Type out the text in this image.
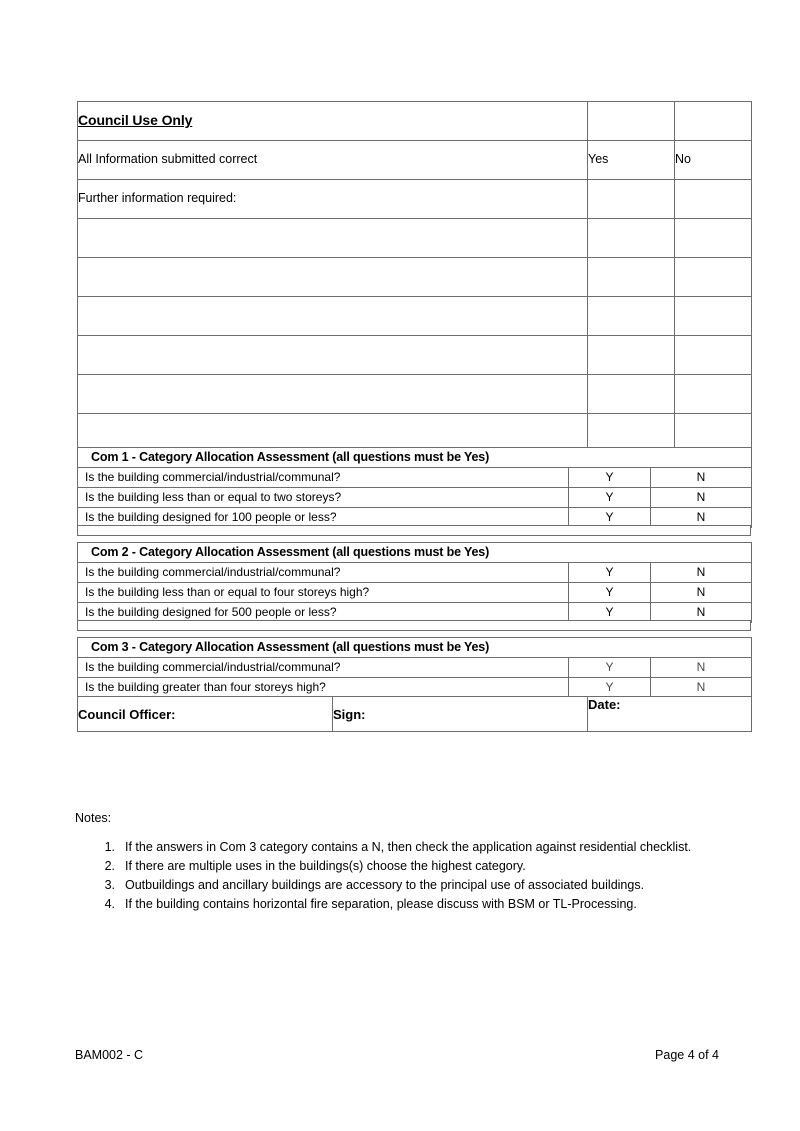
Council Use Only		
All Information submitted correct	Yes	No
Further information required:		

Com 1 - Category Allocation Assessment (all questions must be Yes)		
Is the building commercial/industrial/communal?	Y	N
Is the building less than or equal to two storeys?	Y	N
Is the building designed for 100 people or less?	Y	N
Com 2 - Category Allocation Assessment (all questions must be Yes)		
Is the building commercial/industrial/communal?	Y	N
Is the building less than or equal to four storeys high?	Y	N
Is the building designed for 500 people or less?	Y	N
Com 3 - Category Allocation Assessment (all questions must be Yes)		
Is the building commercial/industrial/communal?	Y	N
Is the building greater than four storeys high?	Y	N
Council Officer:	Sign:	Date:
Notes:
1. If the answers in Com 3 category contains a N, then check the application against residential checklist.
2. If there are multiple uses in the buildings(s) choose the highest category.
3. Outbuildings and ancillary buildings are accessory to the principal use of associated buildings.
4. If the building contains horizontal fire separation, please discuss with BSM or TL-Processing.
BAM002 - C	Page 4 of 4
